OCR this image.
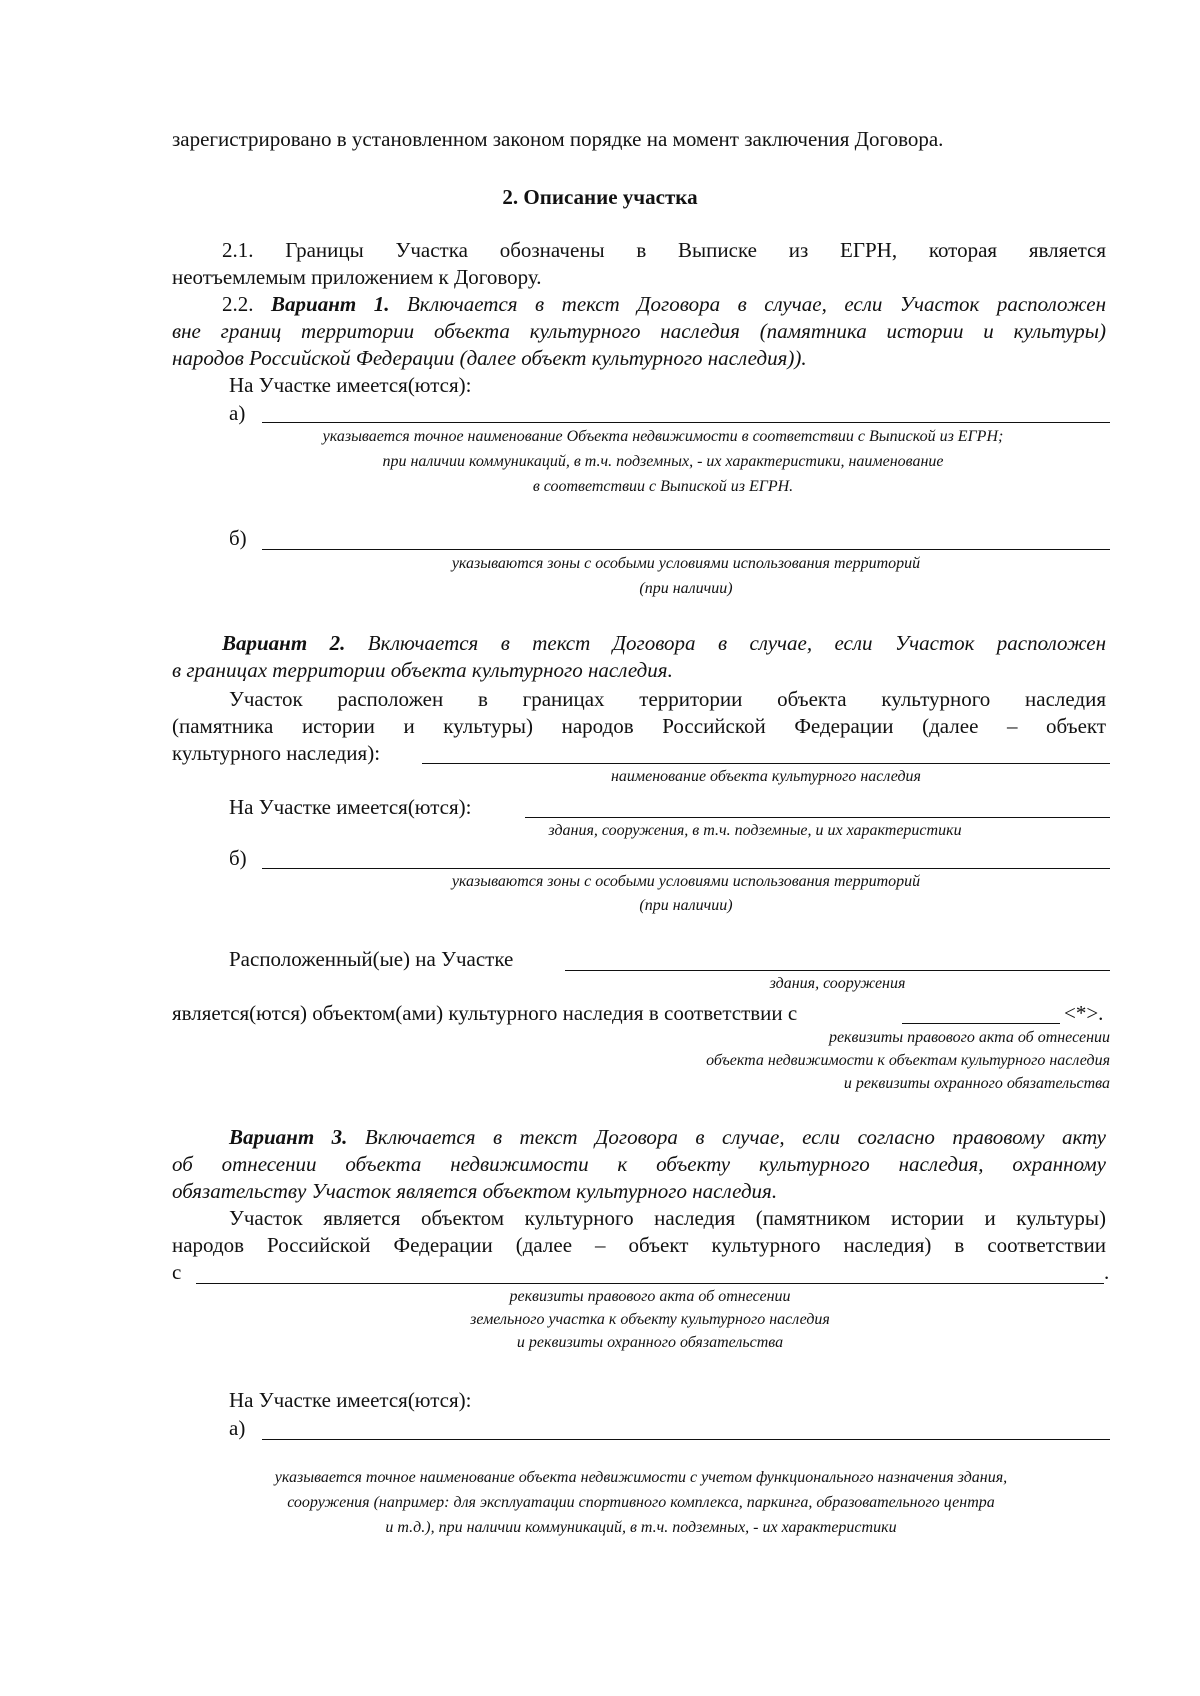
зарегистрировано в установленном законом порядке на момент заключения Договора.
2. Описание участка
2.1. Границы Участка обозначены в Выписке из ЕГРН, которая является
неотъемлемым приложением к Договору.
2.2. Вариант 1. Включается в текст Договора в случае, если Участок расположен
вне границ территории объекта культурного наследия (памятника истории и культуры)
народов Российской Федерации (далее объект культурного наследия)).
На Участке имеется(ются):
а)
указывается точное наименование Объекта недвижимости в соответствии с Выпиской из ЕГРН;
при наличии коммуникаций, в т.ч. подземных, - их характеристики, наименование
в соответствии с Выпиской из ЕГРН.
б)
указываются зоны с особыми условиями использования территорий
(при наличии)
Вариант 2. Включается в текст Договора в случае, если Участок расположен
в границах территории объекта культурного наследия.
Участок расположен в границах территории объекта культурного наследия
(памятника истории и культуры) народов Российской Федерации (далее – объект
культурного наследия):
наименование объекта культурного наследия
На Участке имеется(ются):
здания, сооружения, в т.ч. подземные, и их характеристики
б)
указываются зоны с особыми условиями использования территорий
(при наличии)
Расположенный(ые) на Участке
здания, сооружения
является(ются) объектом(ами) культурного наследия в соответствии с	<*>.
реквизиты правового акта об отнесении
объекта недвижимости к объектам культурного наследия
и реквизиты охранного обязательства
Вариант 3. Включается в текст Договора в случае, если согласно правовому акту
об отнесении объекта недвижимости к объекту культурного наследия, охранному
обязательству Участок является объектом культурного наследия.
Участок является объектом культурного наследия (памятником истории и культуры)
народов Российской Федерации (далее – объект культурного наследия) в соответствии
с	.
реквизиты правового акта об отнесении
земельного участка к объекту культурного наследия
и реквизиты охранного обязательства
На Участке имеется(ются):
а)
указывается точное наименование объекта недвижимости с учетом функционального назначения здания,
сооружения (например: для эксплуатации спортивного комплекса, паркинга, образовательного центра
и т.д.), при наличии коммуникаций, в т.ч. подземных, - их характеристики
